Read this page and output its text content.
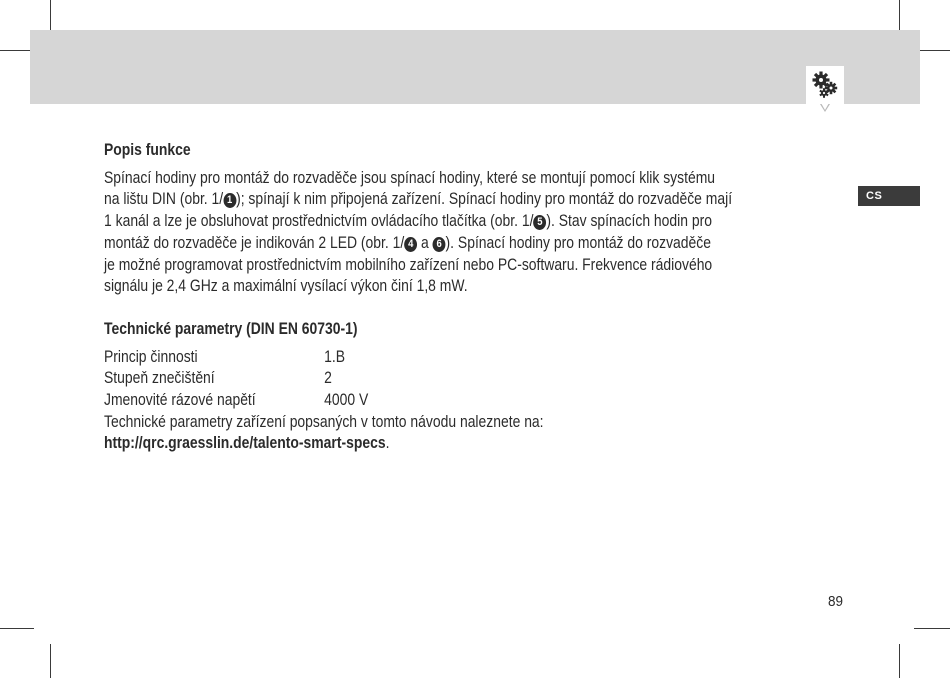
CS

Popis funkce

Spínací hodiny pro montáž do rozvaděče jsou spínací hodiny, které se montují pomocí klik systému
na lištu DIN (obr. 1/ 1 ); spínají k nim připojená zařízení. Spínací hodiny pro montáž do rozvaděče mají
1 kanál a lze je obsluhovat prostřednictvím ovládacího tlačítka (obr. 1/ 5 ). Stav spínacích hodin pro
montáž do rozvaděče je indikován 2 LED (obr. 1/ 4 a 6 ). Spínací hodiny pro montáž do rozvaděče
je možné programovat prostřednictvím mobilního zařízení nebo PC-softwaru. Frekvence rádiového
signálu je 2,4 GHz a maximální vysílací výkon činí 1,8 mW.

Technické parametry (DIN EN 60730-1)

Princip činnosti	1.B
Stupeň znečištění	2
Jmenovité rázové napětí	4000 V
Technické parametry zařízení popsaných v tomto návodu naleznete na:
http://qrc.graesslin.de/talento-smart-specs.
89
